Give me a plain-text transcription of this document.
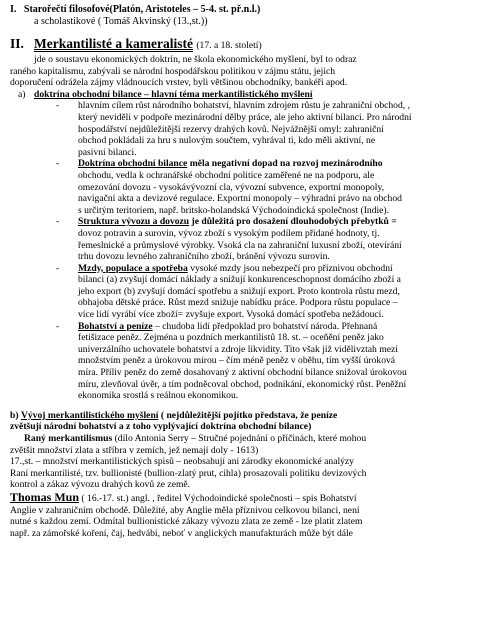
I. Starořečtí filosofové(Platón, Aristoteles – 5-4. st. př.n.l.)
a scholastikové ( Tomáš Akvinský (13.,st.))
II. Merkantilisté a kameralisté (17. a 18. století)
jde o soustavu ekonomických doktrín, ne škola ekonomického myšlení, byl to odraz
raného kapitalismu, zabývali se národní hospodářskou politikou v zájmu státu, jejich
doporučení odrážela zájmy vládnoucích vrstev, byli většinou obchodníky, bankéři apod.
a) doktrína obchodní bilance – hlavní téma merkantilistického myšlení
-	hlavním cílem růst národního bohatství, hlavním zdrojem růstu je zahraniční obchod, ,
který neviděli v podpoře mezinárodní dělby práce, ale jeho aktivní bilanci. Pro národní
hospodářství nejdůležitější rezervy drahých kovů. Nejvážnější omyl: zahraniční
obchod pokládali za hru s nulovým součtem, vyhrával ti, kdo měli aktivní, ne
pasivní bilanci.
-	Doktrína obchodní bilance měla negativní dopad na rozvoj mezinárodního
obchodu, vedla k ochranářské obchodní politice zaměřené ne na podporu, ale
omezování dovozu - vysokávývozní cla, vývozní subvence, exportní monopoly,
navigační akta a devizové regulace. Exportní monopoly – výhradní právo na obchod
s určitým teritoriem, např. britsko-holandská Východoindická společnost (Indie).
-	Struktura vývozu a dovozu je důležitá pro dosažení dlouhodobých přebytků =
dovoz potravin a surovin, vývoz zboží s vysokým podílem přidané hodnoty, tj.
řemeslnické a průmyslové výrobky. Vsoká cla na zahraniční luxusní zboží, otevírání
trhu dovozu levného zahraničního zboží, bránění vývozu surovin.
-	Mzdy, populace a spotřeba vysoké mzdy jsou nebezpečí pro příznivou obchodní
bilanci (a) zvyšují domácí náklady a snižují konkurenceschopnost domácího zboží a
jeho export (b) zvyšují domácí spotřebu a snižují export. Proto kontrola růstu mezd,
obhajoba dětské práce. Růst mezd snižuje nabídku práce. Podpora růstu populace –
více lidí vyrábí více zboží= zvyšuje export. Vysoká domácí spotřeba nežádoucí.
-	Bohatství a peníze – chudoba lidí předpoklad pro bohatství národa. Přehnaná
fetišizace peněz. Zejména u pozdních merkantilistů 18. st. – oceňění peněz jako
univerzálního uchovatele bohatství a zdroje likvidity. Tito však již vidělivztah mezi
množstvím peněz a úrokovou mírou – čím méně peněz v oběhu, tím vyšší úroková
míra. Příliv peněz do země dosahovaný z aktivní obchodní bilance snižoval úrokovou
míru, zlevňoval úvěr, a tím podněcoval obchod, podnikání, ekonomický růst. Peněžní
ekonomika srostlá s reálnou ekonomikou.
b) Vývoj merkantilistického myšlení ( nejdůležitější pojítko představa, že peníze
zvětšují národní bohatství a z toho vyplývající doktrína obchodní bilance)
Raný merkantilismus (dílo Antonia Serry – Stručné pojednání o příčinách, které mohou
zvětšit množství zlata a stříbra v zemích, jež nemají doly - 1613)
17.,st. – množství merkantilistických spisů – neobsahují ani zárodky ekonomické analýzy
Raní merkantilisté, tzv. bullionisté (bullion-zlatý prut, cihla) prosazovali politiku devizových
kontrol a zákaz vývozu drahých kovů ze země.
Thomas Mun ( 16.-17. st.) angl. , ředitel Východoindické společnosti – spis Bohatství
Anglie v zahraničním obchodě. Důležité, aby Anglie měla příznivou celkovou bilanci, není
nutné s každou zemí. Odmítal bullionistické zákazy vývozu zlata ze země - lze platit zlatem
např. za zámořské koření, čaj, hedvábí, neboť v anglických manufakturách může být dále
